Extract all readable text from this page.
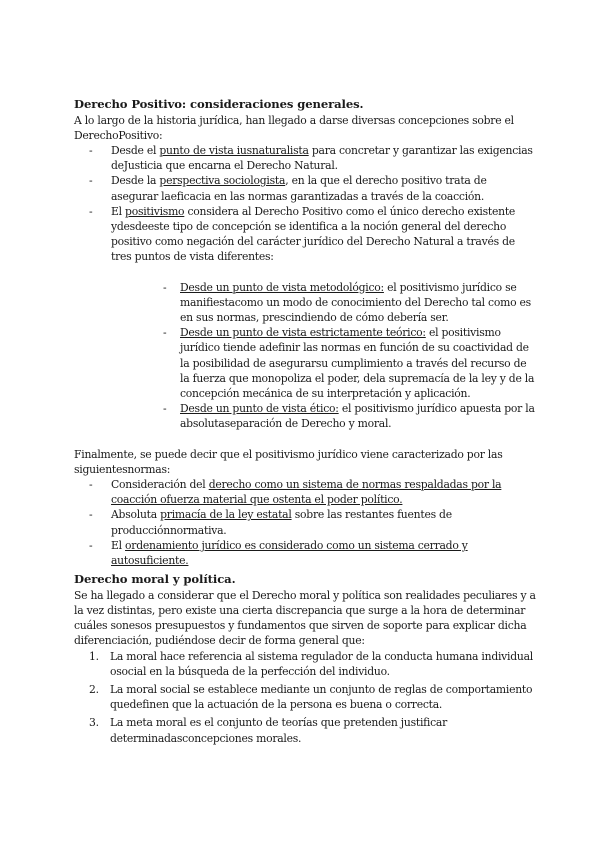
Derecho Positivo: consideraciones generales.

A lo largo de la historia jurídica, han llegado a darse diversas concepciones sobre el DerechoPositivo:

- Desde el punto de vista iusnaturalista para concretar y garantizar las exigencias deJusticia que encarna el Derecho Natural.
- Desde la perspectiva sociologista, en la que el derecho positivo trata de asegurar laeficacia en las normas garantizadas a través de la coacción.
- El positivismo considera al Derecho Positivo como el único derecho existente ydesdeeste tipo de concepción se identifica a la noción general del derecho positivo como negación del carácter jurídico del Derecho Natural a través de tres puntos de vista diferentes:
- Desde un punto de vista metodológico: el positivismo jurídico se manifiestacomo un modo de conocimiento del Derecho tal como es en sus normas, prescindiendo de cómo debería ser.
- Desde un punto de vista estrictamente teórico: el positivismo jurídico tiende adefinir las normas en función de su coactividad de la posibilidad de asegurarsu cumplimiento a través del recurso de la fuerza que monopoliza el poder, dela supremacía de la ley y de la concepción mecánica de su interpretación y aplicación.
- Desde un punto de vista ético: el positivismo jurídico apuesta por la absolutaseparación de Derecho y moral.

Finalmente, se puede decir que el positivismo jurídico viene caracterizado por las siguientesnormas:

- Consideración del derecho como un sistema de normas respaldadas por la coacción ofuerza material que ostenta el poder político.
- Absoluta primacía de la ley estatal sobre las restantes fuentes de producciónnormativa.
- El ordenamiento jurídico es considerado como un sistema cerrado y autosuficiente.

Derecho moral y política.

Se ha llegado a considerar que el Derecho moral y política son realidades peculiares y a la vez distintas, pero existe una cierta discrepancia que surge a la hora de determinar cuáles sonesos presupuestos y fundamentos que sirven de soporte para explicar dicha diferenciación, pudiéndose decir de forma general que:

1. La moral hace referencia al sistema regulador de la conducta humana individual osocial en la búsqueda de la perfección del individuo.
2. La moral social se establece mediante un conjunto de reglas de comportamiento quedefinen que la actuación de la persona es buena o correcta.
3. La meta moral es el conjunto de teorías que pretenden justificar determinadasconcepciones morales.
